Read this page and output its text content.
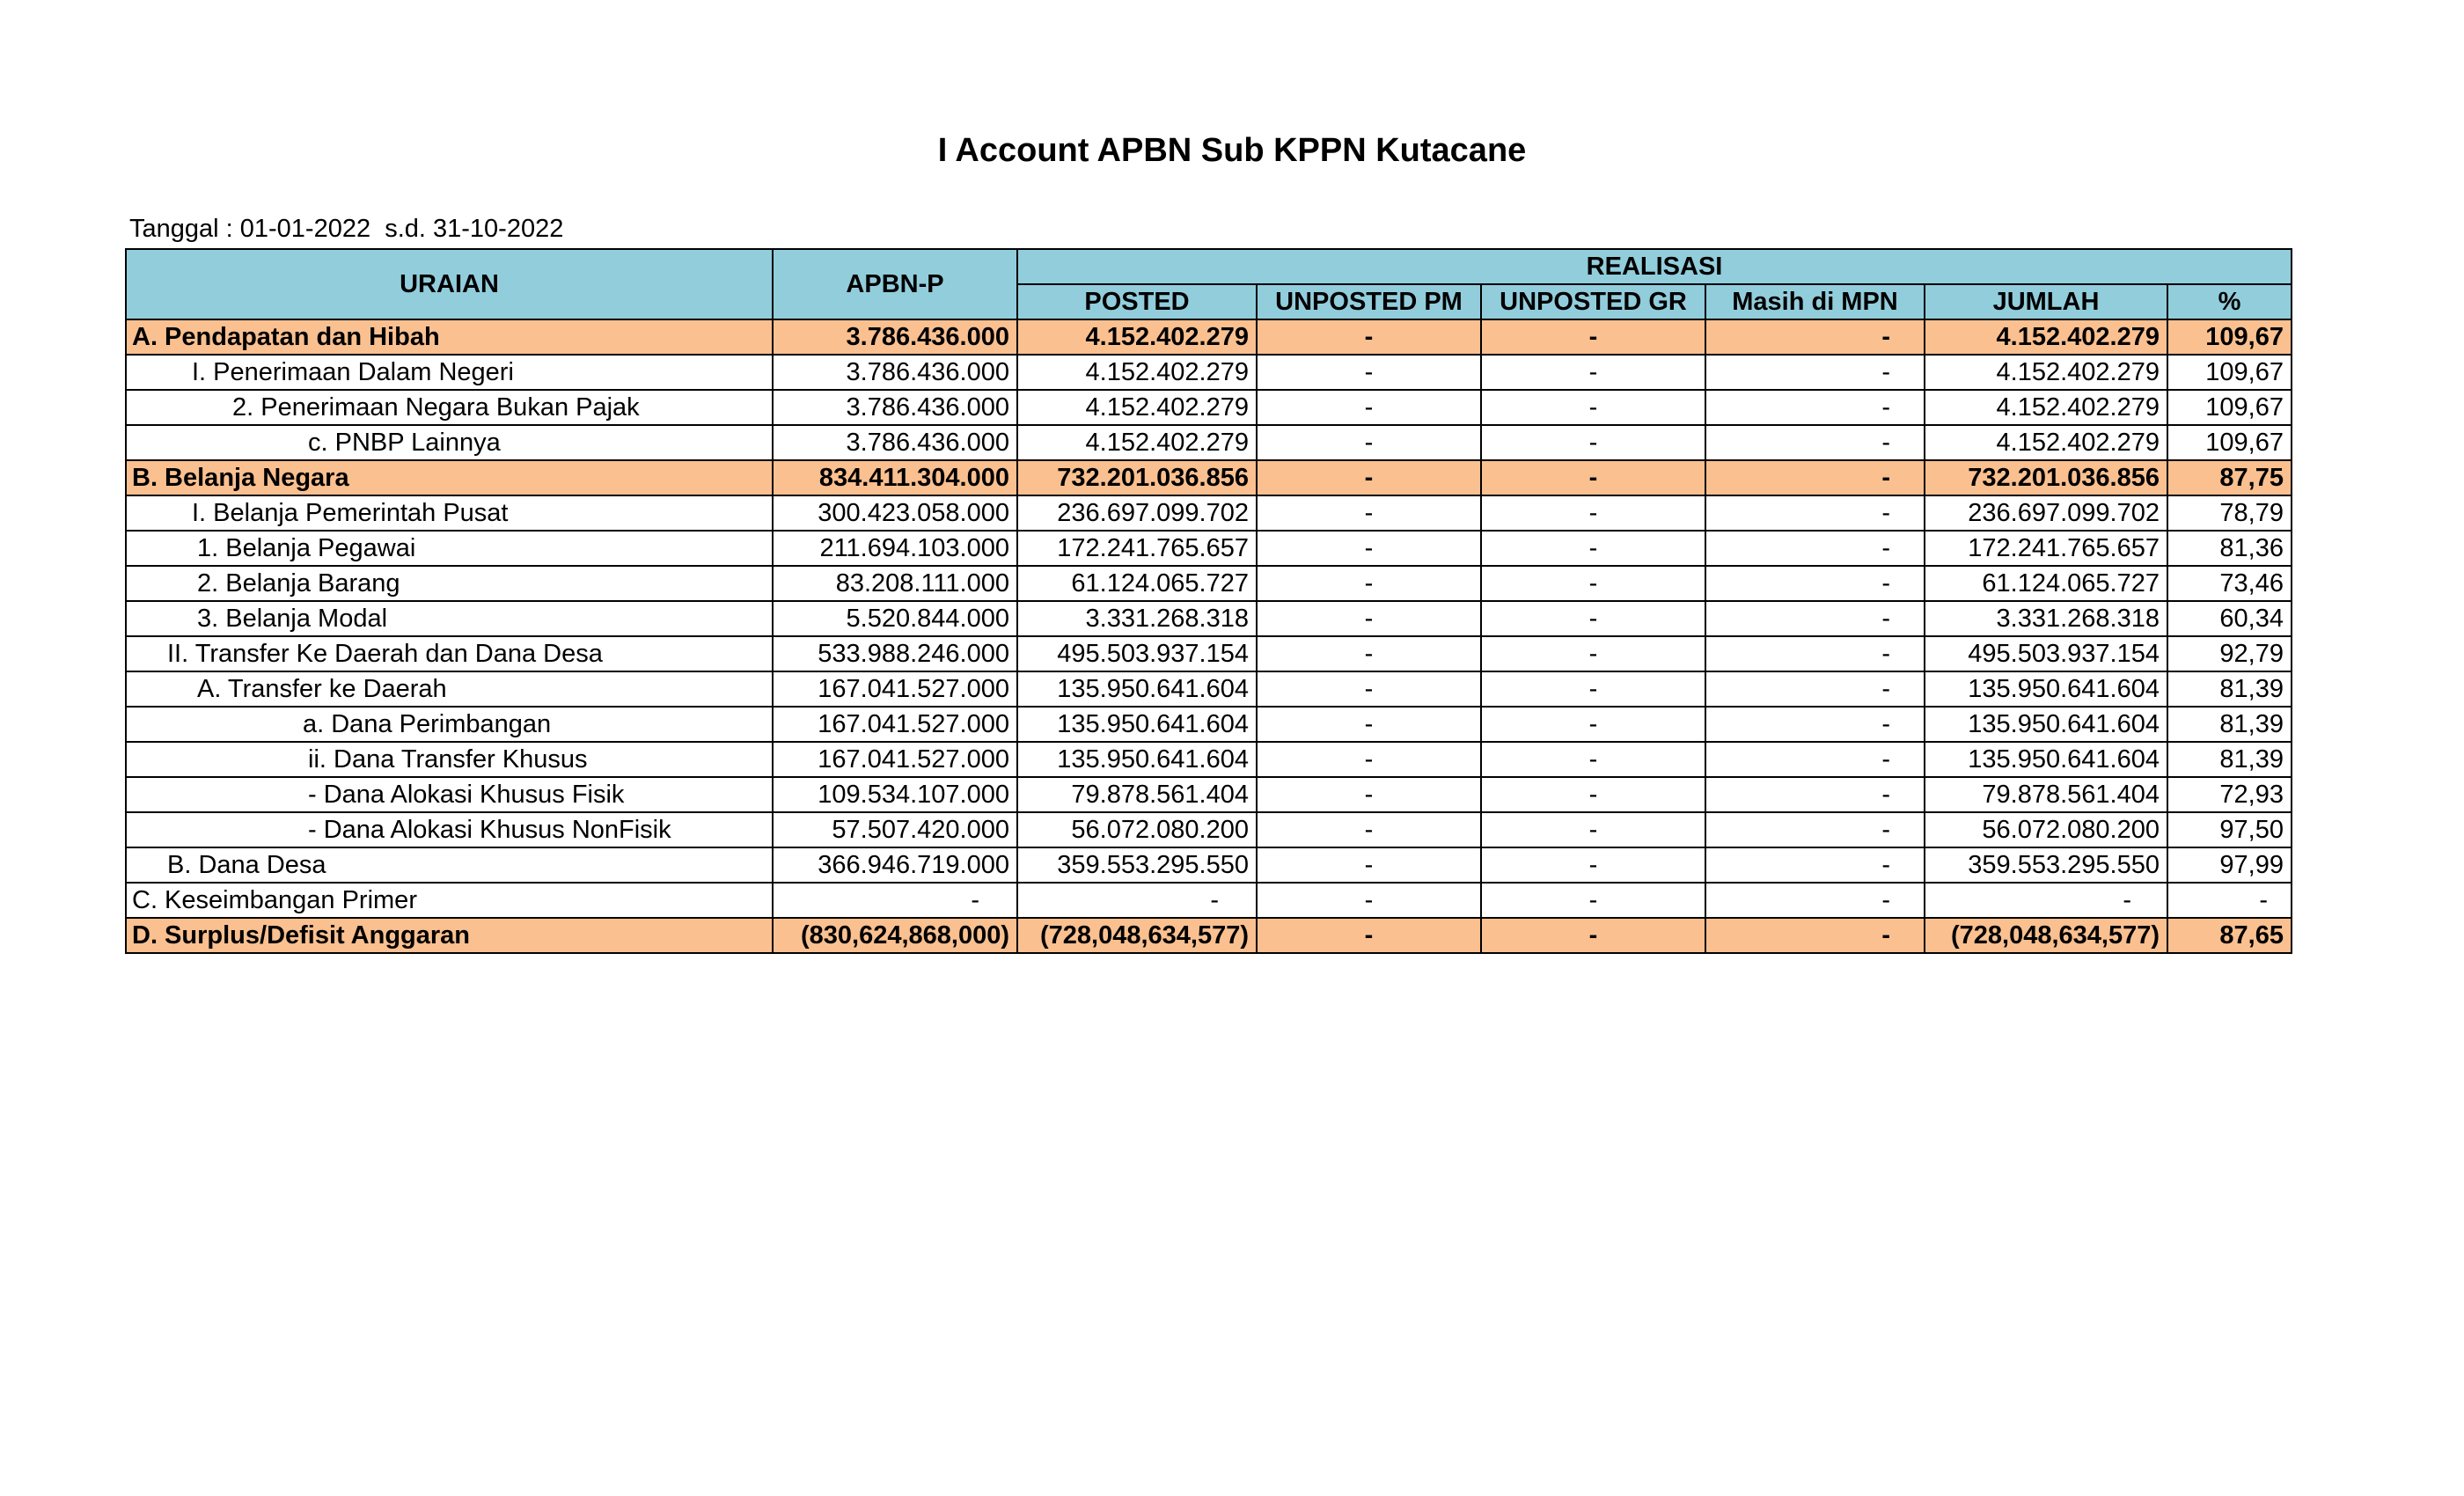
I Account APBN Sub KPPN Kutacane
Tanggal : 01-01-2022  s.d. 31-10-2022
URAIAN	APBN-P	REALISASI					
		POSTED	UNPOSTED PM	UNPOSTED GR	Masih di MPN	JUMLAH	%
A. Pendapatan dan Hibah	3.786.436.000	4.152.402.279	-	-	-	4.152.402.279	109,67
I. Penerimaan Dalam Negeri	3.786.436.000	4.152.402.279	-	-	-	4.152.402.279	109,67
2. Penerimaan Negara Bukan Pajak	3.786.436.000	4.152.402.279	-	-	-	4.152.402.279	109,67
c. PNBP Lainnya	3.786.436.000	4.152.402.279	-	-	-	4.152.402.279	109,67
B. Belanja Negara	834.411.304.000	732.201.036.856	-	-	-	732.201.036.856	87,75
I. Belanja Pemerintah Pusat	300.423.058.000	236.697.099.702	-	-	-	236.697.099.702	78,79
1. Belanja Pegawai	211.694.103.000	172.241.765.657	-	-	-	172.241.765.657	81,36
2. Belanja Barang	83.208.111.000	61.124.065.727	-	-	-	61.124.065.727	73,46
3. Belanja Modal	5.520.844.000	3.331.268.318	-	-	-	3.331.268.318	60,34
II. Transfer Ke Daerah dan Dana Desa	533.988.246.000	495.503.937.154	-	-	-	495.503.937.154	92,79
A. Transfer ke Daerah	167.041.527.000	135.950.641.604	-	-	-	135.950.641.604	81,39
a. Dana Perimbangan	167.041.527.000	135.950.641.604	-	-	-	135.950.641.604	81,39
ii. Dana Transfer Khusus	167.041.527.000	135.950.641.604	-	-	-	135.950.641.604	81,39
- Dana Alokasi Khusus Fisik	109.534.107.000	79.878.561.404	-	-	-	79.878.561.404	72,93
- Dana Alokasi Khusus NonFisik	57.507.420.000	56.072.080.200	-	-	-	56.072.080.200	97,50
B. Dana Desa	366.946.719.000	359.553.295.550	-	-	-	359.553.295.550	97,99
C. Keseimbangan Primer	-	-	-	-	-	-	-
D. Surplus/Defisit Anggaran	(830,624,868,000)	(728,048,634,577)	-	-	-	(728,048,634,577)	87,65
